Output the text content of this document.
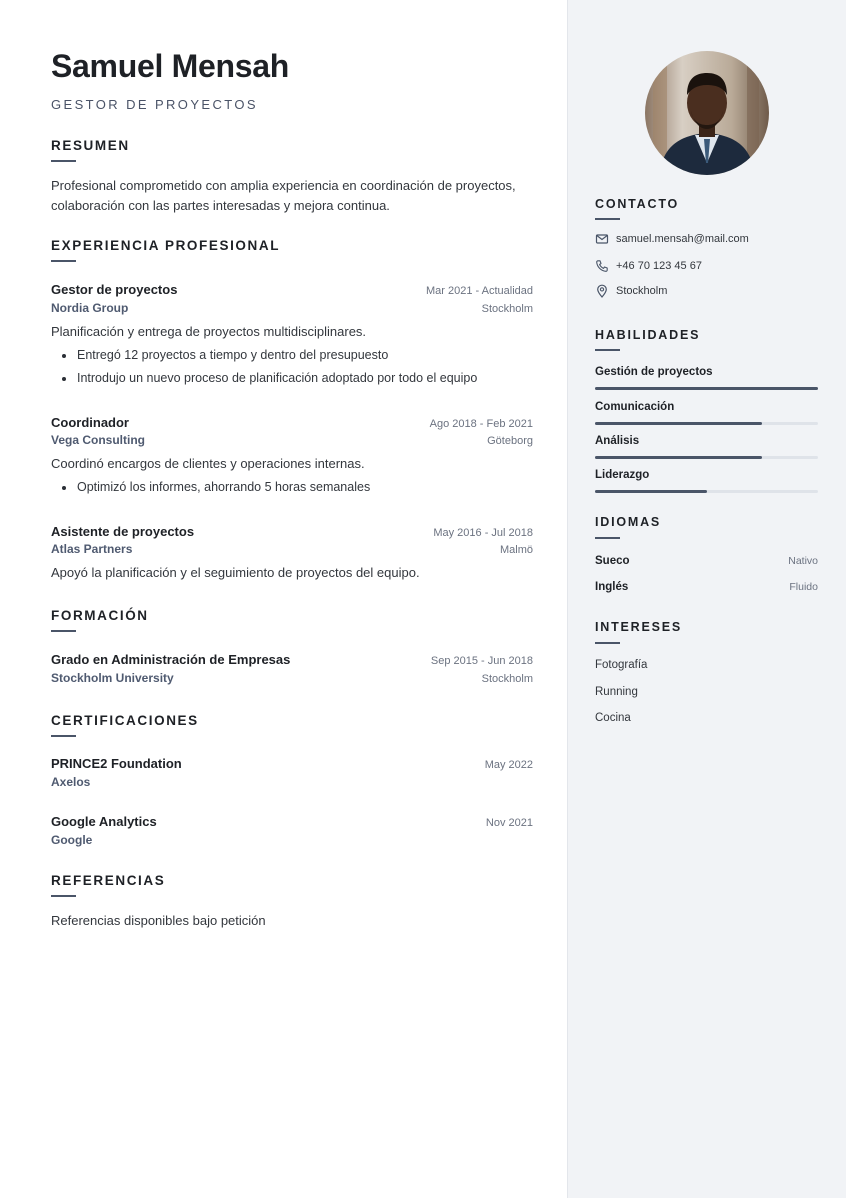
Samuel Mensah
GESTOR DE PROYECTOS
RESUMEN

Profesional comprometido con amplia experiencia en coordinación de proyectos, colaboración con las partes interesadas y mejora continua.

EXPERIENCIA PROFESIONAL
Gestor de proyectos	Mar 2021 - Actualidad
Nordia Group	Stockholm
Planificación y entrega de proyectos multidisciplinares.
Entregó 12 proyectos a tiempo y dentro del presupuesto
Introdujo un nuevo proceso de planificación adoptado por todo el equipo
Coordinador	Ago 2018 - Feb 2021
Vega Consulting	Göteborg
Coordinó encargos de clientes y operaciones internas.
Optimizó los informes, ahorrando 5 horas semanales
Asistente de proyectos	May 2016 - Jul 2018
Atlas Partners	Malmö
Apoyó la planificación y el seguimiento de proyectos del equipo.
FORMACIÓN
Grado en Administración de Empresas	Sep 2015 - Jun 2018
Stockholm University	Stockholm
CERTIFICACIONES
PRINCE2 Foundation	May 2022
Axelos
Google Analytics	Nov 2021
Google
REFERENCIAS

Referencias disponibles bajo petición

CONTACTO
samuel.mensah@mail.com
+46 70 123 45 67
Stockholm
HABILIDADES
Gestión de proyectos
Comunicación
Análisis
Liderazgo
IDIOMAS
Sueco	Nativo
Inglés	Fluido
INTERESES
Fotografía
Running
Cocina
